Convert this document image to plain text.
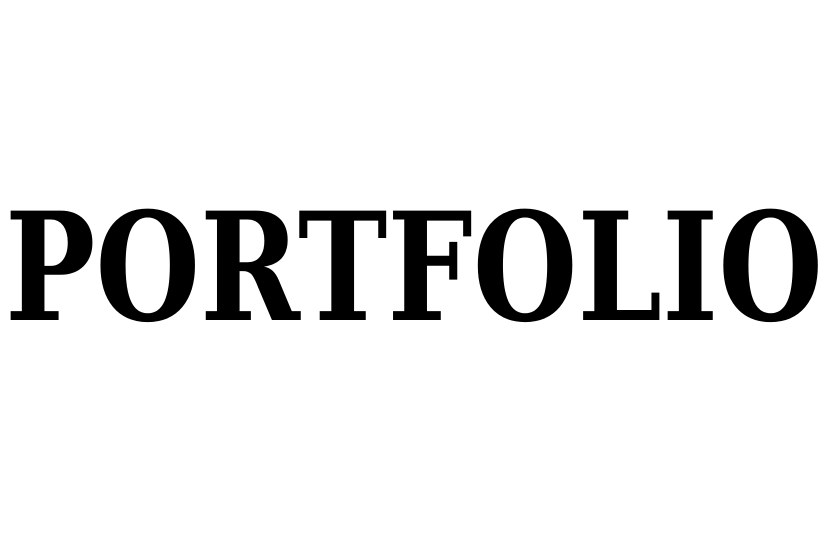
PORTFOLIO
